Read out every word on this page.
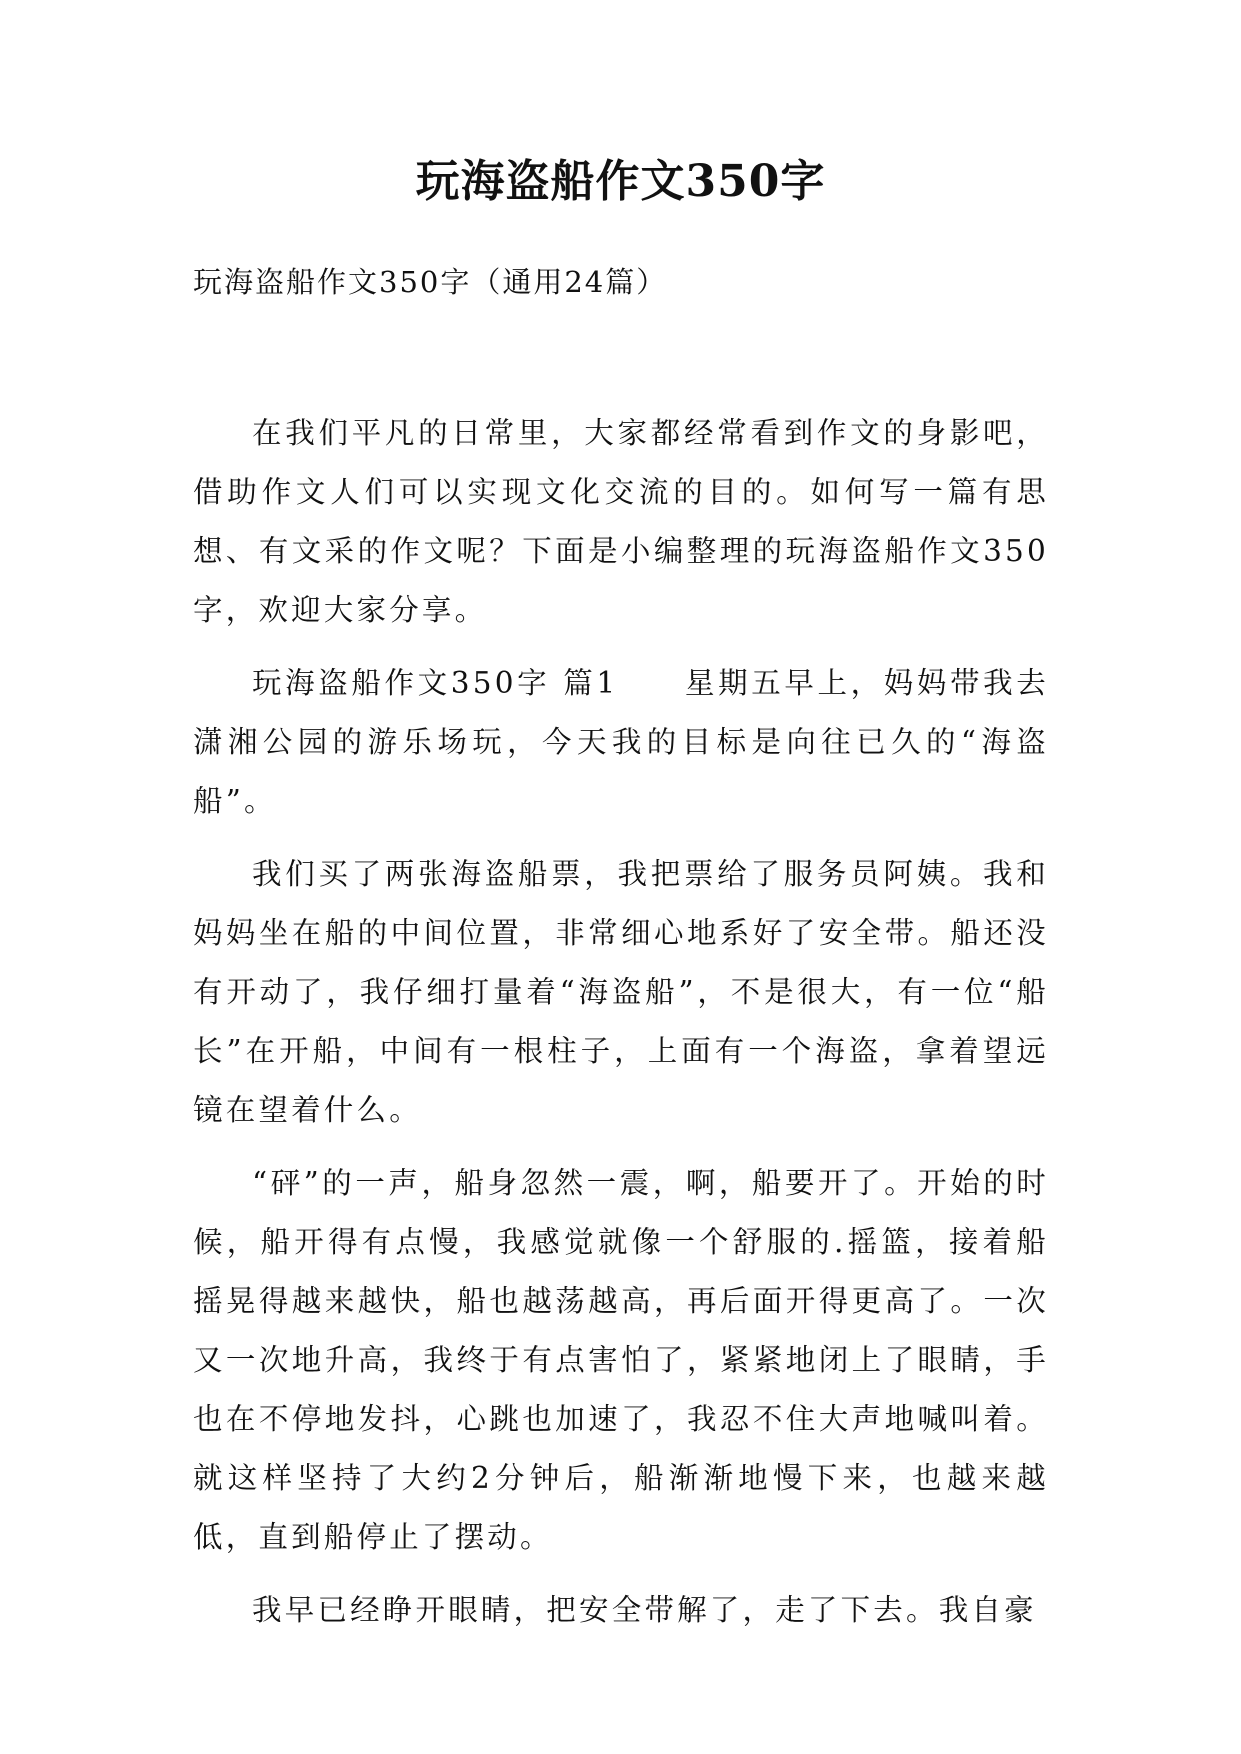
玩海盗船作文350字
玩海盗船作文350字（通用24篇）

在我们平凡的日常里，大家都经常看到作文的身影吧，借助作文人们可以实现文化交流的目的。如何写一篇有思想、有文采的作文呢？下面是小编整理的玩海盗船作文350字，欢迎大家分享。

玩海盗船作文350字 篇1　　星期五早上，妈妈带我去潇湘公园的游乐场玩，今天我的目标是向往已久的“海盗船”。

我们买了两张海盗船票，我把票给了服务员阿姨。我和妈妈坐在船的中间位置，非常细心地系好了安全带。船还没有开动了，我仔细打量着“海盗船”，不是很大，有一位“船长”在开船，中间有一根柱子，上面有一个海盗，拿着望远镜在望着什么。

“砰”的一声，船身忽然一震，啊，船要开了。开始的时候，船开得有点慢，我感觉就像一个舒服的.摇篮，接着船摇晃得越来越快，船也越荡越高，再后面开得更高了。一次又一次地升高，我终于有点害怕了，紧紧地闭上了眼睛，手也在不停地发抖，心跳也加速了，我忍不住大声地喊叫着。就这样坚持了大约2分钟后，船渐渐地慢下来，也越来越低，直到船停止了摆动。

我早已经睁开眼睛，把安全带解了，走了下去。我自豪
